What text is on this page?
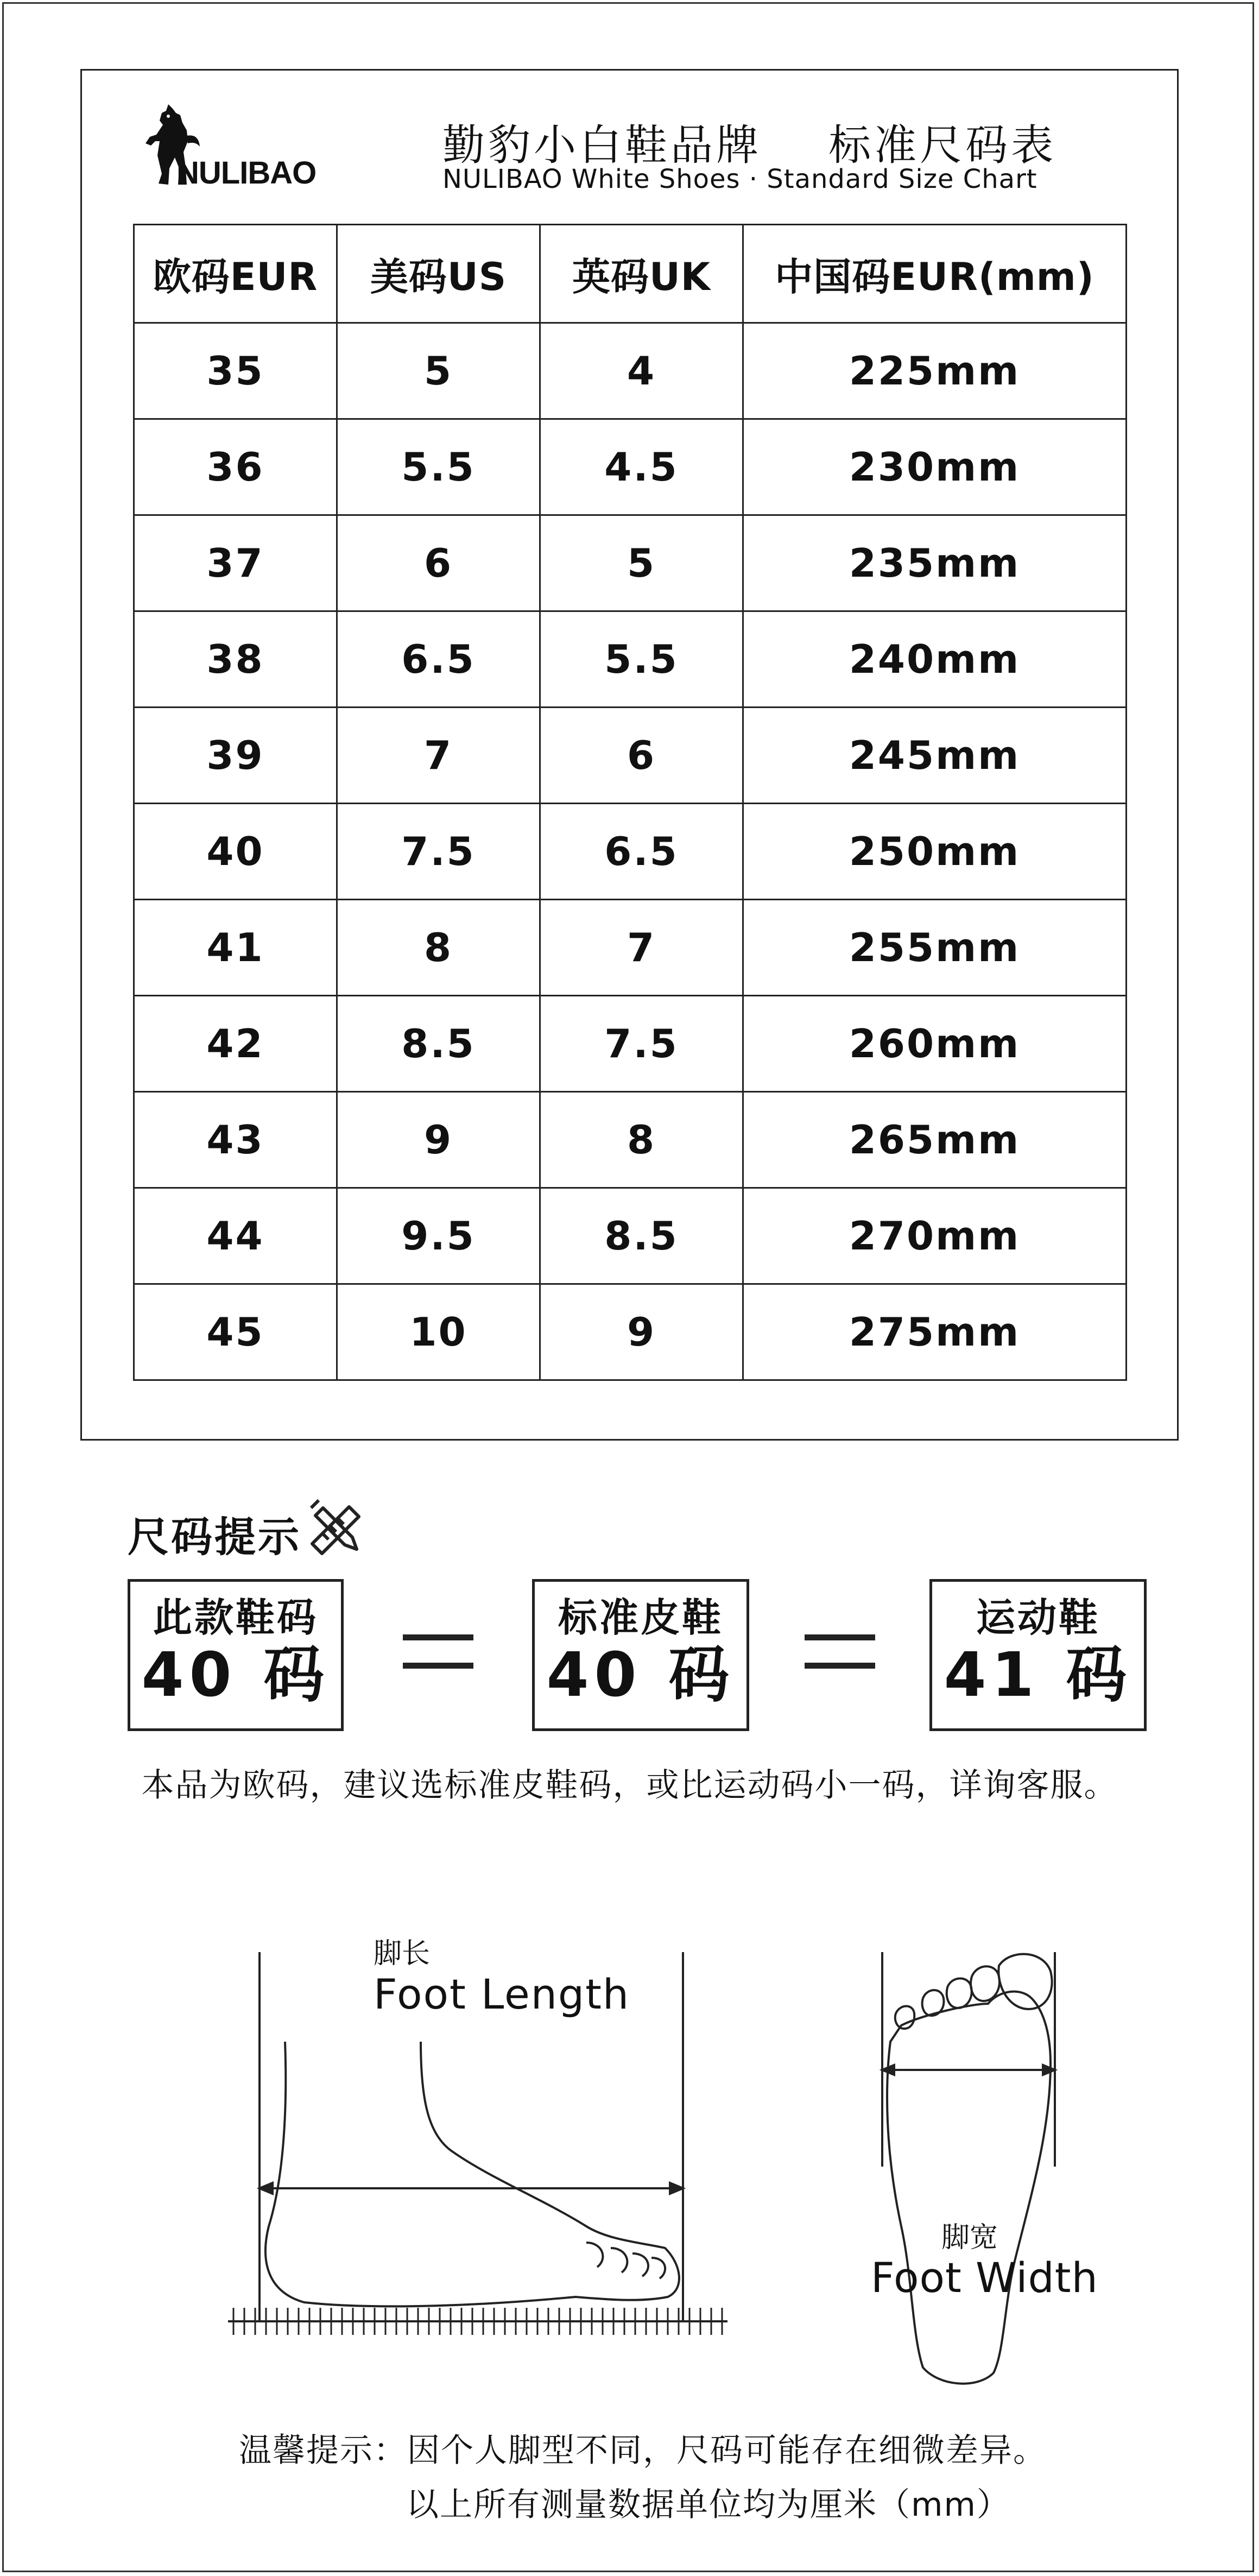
NULIBAO
勤豹小白鞋品牌    标准尺码表
NULIBAO White Shoes · Standard Size Chart
欧码EUR	美码US	英码UK	中国码EUR(mm)
35	5	4	225mm
36	5.5	4.5	230mm
37	6	5	235mm
38	6.5	5.5	240mm
39	7	6	245mm
40	7.5	6.5	250mm
41	8	7	255mm
42	8.5	7.5	260mm
43	9	8	265mm
44	9.5	8.5	270mm
45	10	9	275mm
尺码提示
此款鞋码
40 码
标准皮鞋
40 码
运动鞋
41 码
本品为欧码，建议选标准皮鞋码，或比运动码小一码，详询客服。
脚长
Foot Length
脚宽
Foot Width
温馨提示：因个人脚型不同，尺码可能存在细微差异。
以上所有测量数据单位均为厘米（mm）
